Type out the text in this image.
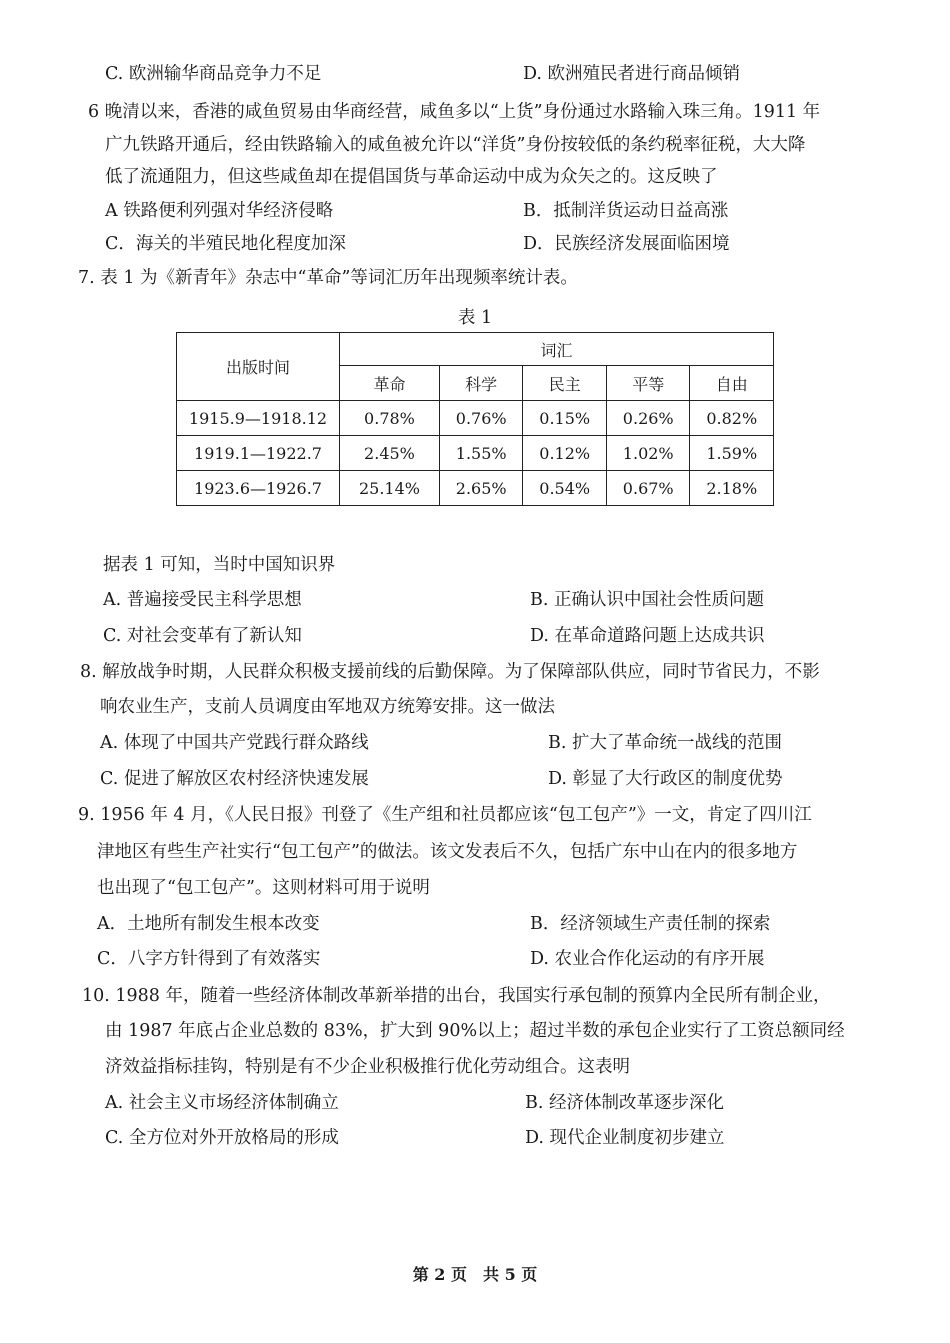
C. 欧洲输华商品竞争力不足	D. 欧洲殖民者进行商品倾销
6 晚清以来，香港的咸鱼贸易由华商经营，咸鱼多以“上货”身份通过水路输入珠三角。1911 年
广九铁路开通后，经由铁路输入的咸鱼被允许以“洋货”身份按较低的条约税率征税，大大降
低了流通阻力，但这些咸鱼却在提倡国货与革命运动中成为众矢之的。这反映了
A 铁路便利列强对华经济侵略	B．抵制洋货运动日益高涨
C．海关的半殖民地化程度加深	D．民族经济发展面临困境
7. 表 1 为《新青年》杂志中“革命”等词汇历年出现频率统计表。
表 1
出版时间	词汇				
	革命	科学	民主	平等	自由
1915.9—1918.12	0.78%	0.76%	0.15%	0.26%	0.82%
1919.1—1922.7	2.45%	1.55%	0.12%	1.02%	1.59%
1923.6—1926.7	25.14%	2.65%	0.54%	0.67%	2.18%
据表 1 可知，当时中国知识界
A. 普遍接受民主科学思想	B. 正确认识中国社会性质问题
C. 对社会变革有了新认知	D. 在革命道路问题上达成共识
8. 解放战争时期，人民群众积极支援前线的后勤保障。为了保障部队供应，同时节省民力，不影
响农业生产，支前人员调度由军地双方统筹安排。这一做法
A. 体现了中国共产党践行群众路线	B. 扩大了革命统一战线的范围
C. 促进了解放区农村经济快速发展	D. 彰显了大行政区的制度优势
9. 1956 年 4 月，《人民日报》刊登了《生产组和社员都应该“包工包产”》一文，肯定了四川江
津地区有些生产社实行“包工包产”的做法。该文发表后不久，包括广东中山在内的很多地方
也出现了“包工包产”。这则材料可用于说明
A．土地所有制发生根本改变	B．经济领域生产责任制的探索
C．八字方针得到了有效落实	D. 农业合作化运动的有序开展
10. 1988 年，随着一些经济体制改革新举措的出台，我国实行承包制的预算内全民所有制企业，
由 1987 年底占企业总数的 83%，扩大到 90%以上；超过半数的承包企业实行了工资总额同经
济效益指标挂钩，特别是有不少企业积极推行优化劳动组合。这表明
A. 社会主义市场经济体制确立	B. 经济体制改革逐步深化
C. 全方位对外开放格局的形成	D. 现代企业制度初步建立
第 2 页　共 5 页
